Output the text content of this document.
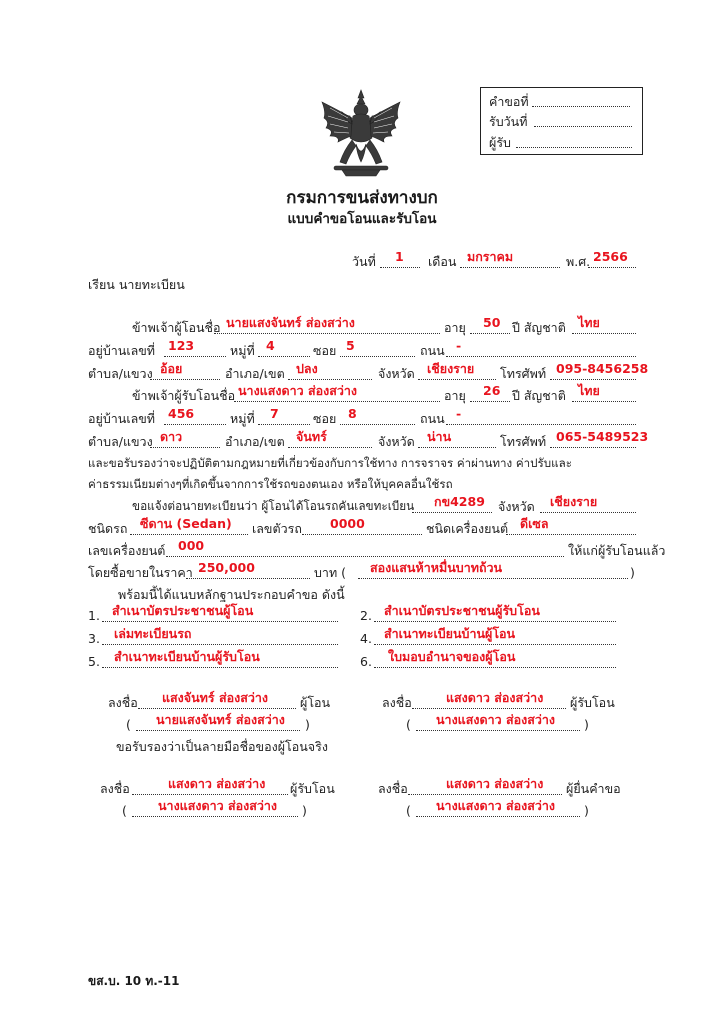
คำขอที่
รับวันที่
ผู้รับ
กรมการขนส่งทางบก
แบบคำขอโอนและรับโอน
วันที่ 1 เดือน มกราคม	พ.ศ. 2566
เรียน นายทะเบียน
ข้าพเจ้าผู้โอนชื่อ นายแสงจันทร์ ส่องสว่าง	อายุ 50 ปี สัญชาติ ไทย
อยู่บ้านเลขที่ 123	หมู่ที่ 4	ซอย 5	ถนน -
ตำบล/แขวง อ้อย	อำเภอ/เขต ปลง	จังหวัด เชียงราย โทรศัพท์ 095-8456258
ข้าพเจ้าผู้รับโอนชื่อ นางแสงดาว ส่องสว่าง	อายุ 26 ปี สัญชาติ ไทย
อยู่บ้านเลขที่ 456	หมู่ที่ 7	ซอย 8	ถนน -
ตำบล/แขวง ดาว	อำเภอ/เขต จันทร์	จังหวัด น่าน	โทรศัพท์ 065-5489523
และขอรับรองว่าจะปฏิบัติตามกฎหมายที่เกี่ยวข้องกับการใช้ทาง การจราจร ค่าผ่านทาง ค่าปรับและ
ค่าธรรมเนียมต่างๆที่เกิดขึ้นจากการใช้รถของตนเอง หรือให้บุคคลอื่นใช้รถ
ขอแจ้งต่อนายทะเบียนว่า ผู้โอนได้โอนรถคันเลขทะเบียน กข4289 จังหวัด เชียงราย
ชนิดรถ ซีดาน (Sedan) เลขตัวรถ 0000	ชนิดเครื่องยนต์ ดีเซล
เลขเครื่องยนต์ 000	ให้แก่ผู้รับโอนแล้ว
โดยซื้อขายในราคา 250,000	บาท ( สองแสนห้าหมื่นบาทถ้วน	)
พร้อมนี้ได้แนบหลักฐานประกอบคำขอ ดังนี้
1. สำเนาบัตรประชาชนผู้โอน	2. สำเนาบัตรประชาชนผู้รับโอน
3. เล่มทะเบียนรถ	4. สำเนาทะเบียนบ้านผู้โอน
5. สำเนาทะเบียนบ้านผู้รับโอน	6. ใบมอบอำนาจของผู้โอน
ลงชื่อ แสงจันทร์ ส่องสว่าง	ผู้โอน	ลงชื่อ	แสงดาว ส่องสว่าง ผู้รับโอน
( นายแสงจันทร์ ส่องสว่าง )	( นางแสงดาว ส่องสว่าง )
ขอรับรองว่าเป็นลายมือชื่อของผู้โอนจริง
ลงชื่อ	แสงดาว ส่องสว่าง ผู้รับโอน	ลงชื่อ	แสงดาว ส่องสว่าง ผู้ยื่นคำขอ
( นางแสงดาว ส่องสว่าง )	( นางแสงดาว ส่องสว่าง )
ขส.บ. 10 ท.-11
